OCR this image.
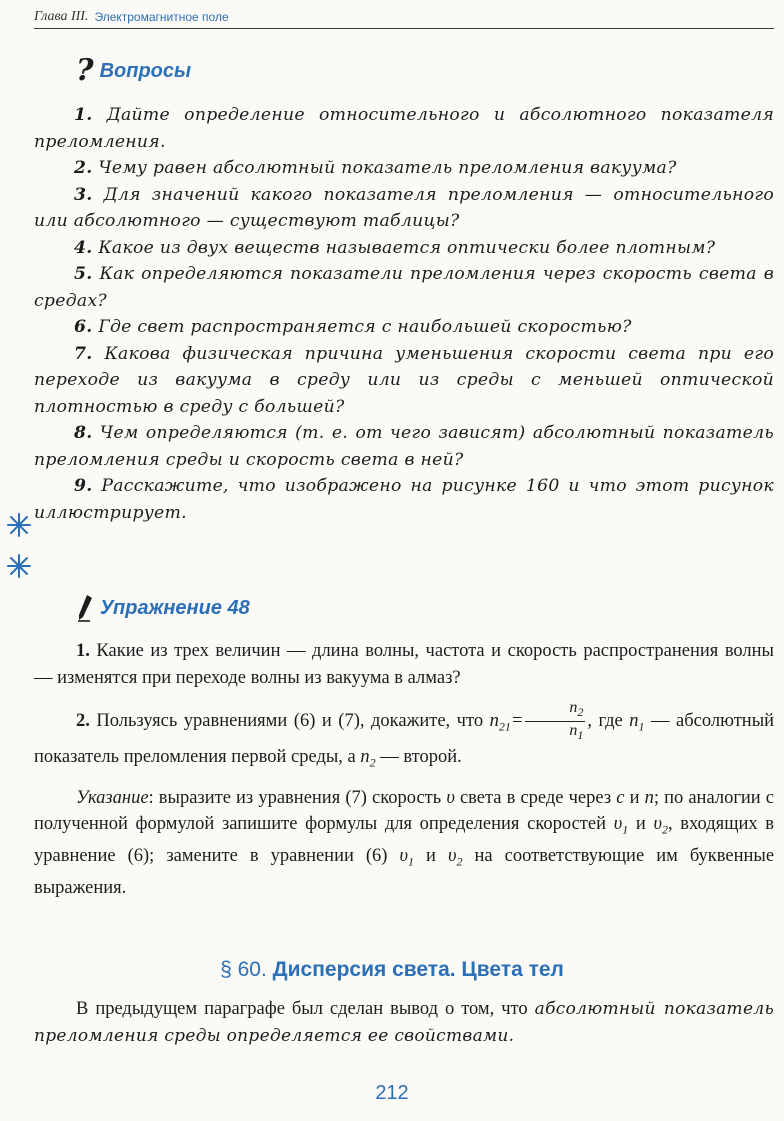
Глава III. Электромагнитное поле
? Вопросы

1. Дайте определение относительного и абсолютного показателя преломления.

2. Чему равен абсолютный показатель преломления вакуума?

3. Для значений какого показателя преломления — относительного или абсолютного — существуют таблицы?

4. Какое из двух веществ называется оптически более плотным?

5. Как определяются показатели преломления через скорость света в средах?

6. Где свет распространяется с наибольшей скоростью?

7. Какова физическая причина уменьшения скорости света при его переходе из вакуума в среду или из среды с меньшей оптической плотностью в среду с большей?

8. Чем определяются (т. е. от чего зависят) абсолютный показатель преломления среды и скорость света в ней?

9. Расскажите, что изображено на рисунке 160 и что этот рисунок иллюстрирует.

Упражнение 48

1. Какие из трех величин — длина волны, частота и скорость распространения волны — изменятся при переходе волны из вакуума в алмаз?

2. Пользуясь уравнениями (6) и (7), докажите, что $n_{21}= \frac{n_2}{n_1}$ , где $n_1$ — абсолютный показатель преломления первой среды, а $n_2$ — второй.

Указание: выразите из уравнения (7) скорость υ света в среде через c и n; по аналогии с полученной формулой запишите формулы для определения скоростей $\upsilon_1$ и $\upsilon_2$, входящих в уравнение (6); замените в уравнении (6) $\upsilon_1$ и $\upsilon_2$ на соответствующие им буквенные выражения.

§ 60. Дисперсия света. Цвета тел

В предыдущем параграфе был сделан вывод о том, что абсолютный показатель преломления среды определяется ее свойствами.

212
